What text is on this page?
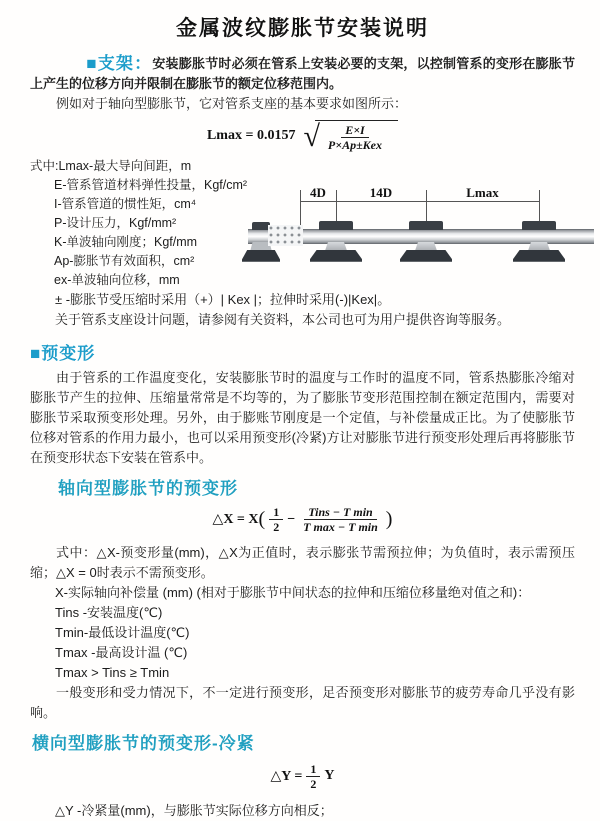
金属波纹膨胀节安装说明

■支架：安装膨胀节时必须在管系上安装必要的支架，以控制管系的变形在膨胀节上产生的位移方向并限制在膨胀节的额定位移范围内。

例如对于轴向型膨胀节，它对管系支座的基本要求如图所示：

Lmax = 0.0157 √ $\frac{E\times I}{\text{P×Ap±Kex}}$
式中:Lmax-最大导向间距，m
E-管系管道材料弹性投量，Kgf/cm²
I-管系管道的惯性矩，cm⁴
P-设计压力，Kgf/mm²
K-单波轴向刚度；Kgf/mm
Ap-膨胀节有效面积，cm²
ex-单波轴向位移，mm
4D	14D	Lmax

± -膨胀节受压缩时采用（+）| Kex |；拉伸时采用(-)|Kex|。

关于管系支座设计问题，请参阅有关资料，本公司也可为用户提供咨询等服务。

■预变形

由于管系的工作温度变化，安装膨胀节时的温度与工作时的温度不同，管系热膨胀冷缩对膨胀节产生的拉伸、压缩量常常是不均等的，为了膨胀节变形范围控制在额定范围内，需要对膨胀节采取预变形处理。另外，由于膨账节刚度是一个定值，与补偿量成正比。为了使膨胀节位移对管系的作用力最小，也可以采用预变形(冷紧)方让对膨胀节进行预变形处理后再将膨胀节在预变形状态下安装在管系中。

轴向型膨胀节的预变形
△X = X ( $\frac{1}{2} - \frac{\text{Tins − T min}}{\text{T max − T min}}$ )

式中：△X-预变形量(mm)，△X为正值时，表示膨张节需预拉伸；为负值时，表示需预压缩；△X = 0时表示不需预变形。

X-实际轴向补偿量 (mm) (相对于膨胀节中间状态的拉伸和压缩位移量绝对值之和)：
Tins -安装温度(℃)
Tmin-最低设计温度(℃)
Tmax -最高设计温 (℃)
Tmax > Tins ≥ Tmin

一般变形和受力情况下，不一定进行预变形，足否预变形对膨胀节的疲劳寿命几乎没有影响。

横向型膨胀节的预变形-冷紧
△Y = $\frac{1}{2}$ Y
△Y -冷紧量(mm)，与膨胀节实际位移方向相反；
